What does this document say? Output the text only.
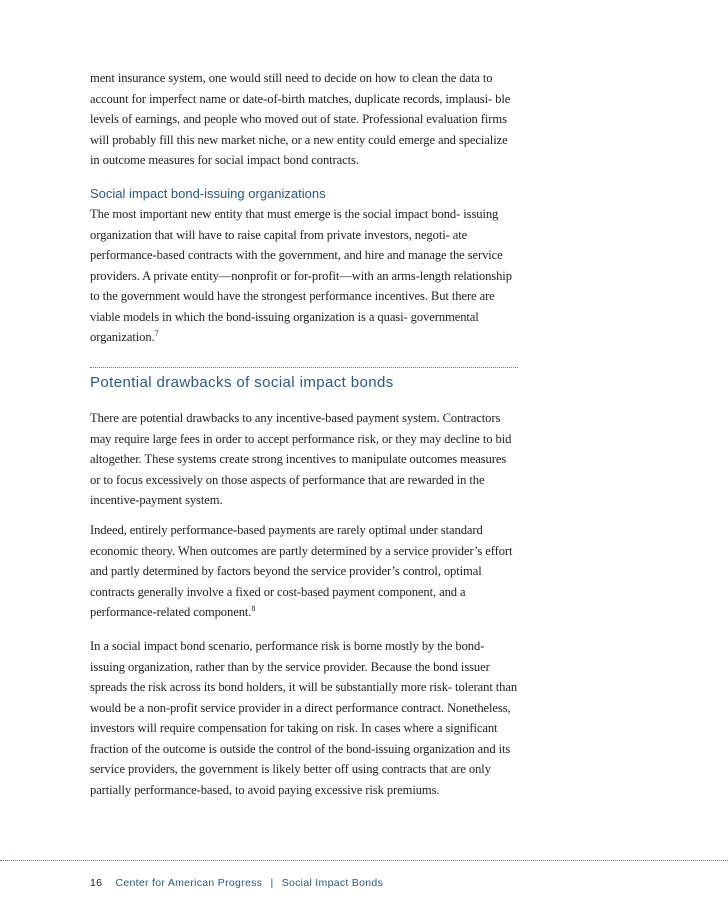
ment insurance system, one would still need to decide on how to clean the data to account for imperfect name or date-of-birth matches, duplicate records, implausi- ble levels of earnings, and people who moved out of state. Professional evaluation firms will probably fill this new market niche, or a new entity could emerge and specialize in outcome measures for social impact bond contracts.

Social impact bond-issuing organizations

The most important new entity that must emerge is the social impact bond- issuing organization that will have to raise capital from private investors, negoti- ate performance-based contracts with the government, and hire and manage the service providers. A private entity—nonprofit or for-profit—with an arms-length relationship to the government would have the strongest performance incentives. But there are viable models in which the bond-issuing organization is a quasi- governmental organization.$^7$

Potential drawbacks of social impact bonds

There are potential drawbacks to any incentive-based payment system. Contractors may require large fees in order to accept performance risk, or they may decline to bid altogether. These systems create strong incentives to manipulate outcomes measures or to focus excessively on those aspects of performance that are rewarded in the incentive-payment system.

Indeed, entirely performance-based payments are rarely optimal under standard economic theory. When outcomes are partly determined by a service provider’s effort and partly determined by factors beyond the service provider’s control, optimal contracts generally involve a fixed or cost-based payment component, and a performance-related component.$^8$

In a social impact bond scenario, performance risk is borne mostly by the bond- issuing organization, rather than by the service provider. Because the bond issuer spreads the risk across its bond holders, it will be substantially more risk- tolerant than would be a non-profit service provider in a direct performance contract. Nonetheless, investors will require compensation for taking on risk. In cases where a significant fraction of the outcome is outside the control of the bond-issuing organization and its service providers, the government is likely better off using contracts that are only partially performance-based, to avoid paying excessive risk premiums.

16 Center for American Progress | Social Impact Bonds
